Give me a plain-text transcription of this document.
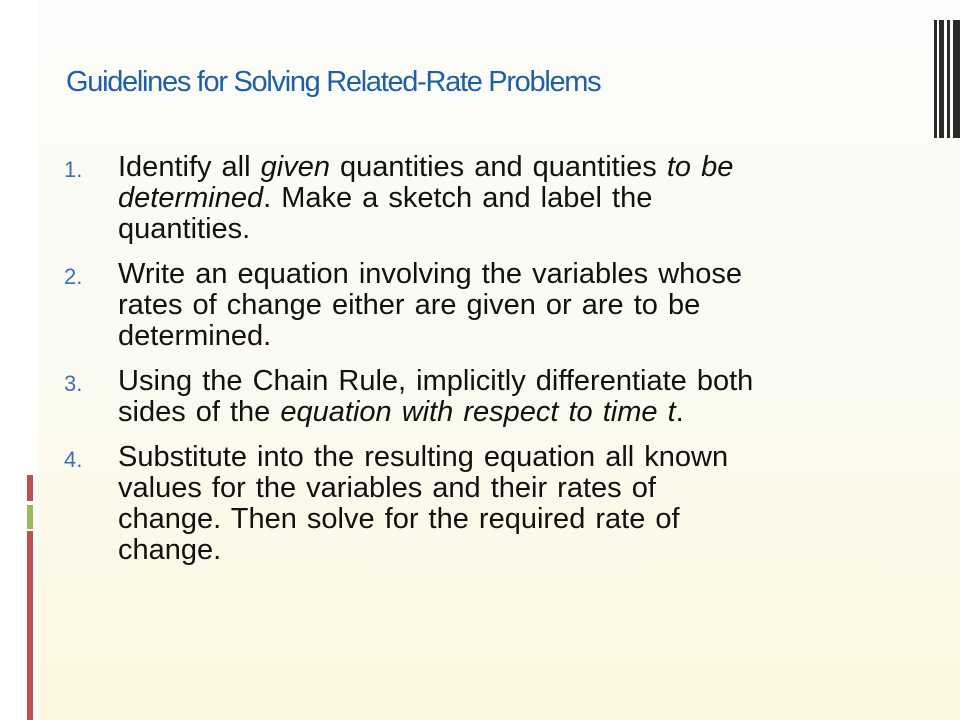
Guidelines for Solving Related-Rate Problems
1. Identify all given quantities and quantities to be
determined. Make a sketch and label the
quantities.
2. Write an equation involving the variables whose
rates of change either are given or are to be
determined.
3. Using the Chain Rule, implicitly differentiate both
sides of the equation with respect to time t.
4. Substitute into the resulting equation all known
values for the variables and their rates of
change. Then solve for the required rate of
change.
